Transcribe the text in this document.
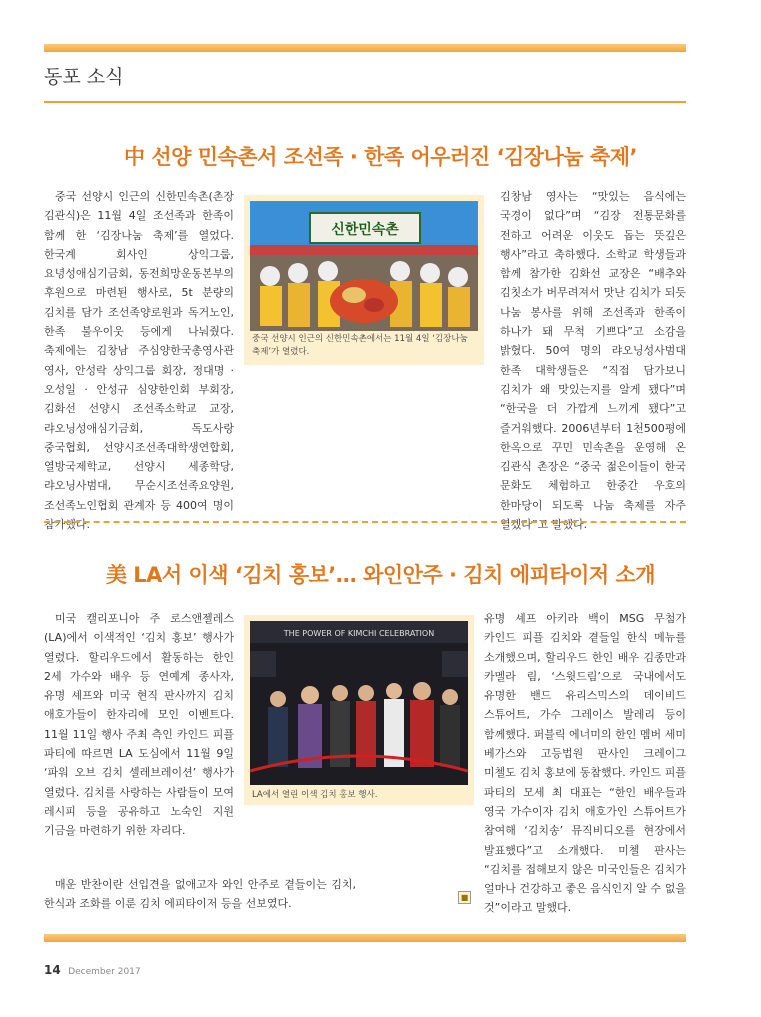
동포 소식
中 선양 민속촌서 조선족 · 한족 어우러진 ‘김장나눔 축제’

중국 선양시 인근의 신한민속촌(촌장 김관식)은 11월 4일 조선족과 한족이 함께 한 ‘김장나눔 축제’를 열었다. 한국계 회사인 상익그룹, 요녕성애심기금회, 동전희망운동본부의 후원으로 마련된 행사로, 5t 분량의 김치를 담가 조선족양로원과 독거노인, 한족 불우이웃 등에게 나눠줬다. 축제에는 김창남 주심양한국총영사관 영사, 안성락 상익그룹 회장, 정대명 · 오성일 · 안성규 심양한인회 부회장, 김화선 선양시 조선족소학교 교장, 랴오닝성애심기금회, 독도사랑 중국협회, 선양시조선족대학생연합회, 열방국제학교, 선양시 세종학당, 랴오닝사범대, 무순시조선족요양원, 조선족노인협회 관계자 등 400여 명이 참가했다.

신한민속촌
중국 선양시 인근의 신한민속촌에서는 11월 4일 ‘김장나눔 축제’가 열렸다.

김창남 영사는 “맛있는 음식에는 국경이 없다”며 “김장 전통문화를 전하고 어려운 이웃도 돕는 뜻깊은 행사”라고 축하했다. 소학교 학생들과 함께 참가한 김화선 교장은 “배추와 김칫소가 버무려져서 맛난 김치가 되듯 나눔 봉사를 위해 조선족과 한족이 하나가 돼 무척 기쁘다”고 소감을 밝혔다. 50여 명의 랴오닝성사범대 한족 대학생들은 “직접 담가보니 김치가 왜 맛있는지를 알게 됐다”며 “한국을 더 가깝게 느끼게 됐다”고 즐거워했다. 2006년부터 1천500평에 한옥으로 꾸민 민속촌을 운영해 온 김관식 촌장은 “중국 젊은이들이 한국 문화도 체험하고 한중간 우호의 한마당이 되도록 나눔 축제를 자주 열겠다”고 말했다.

美 LA서 이색 ‘김치 홍보’… 와인안주 · 김치 에피타이저 소개

미국 캘리포니아 주 로스앤젤레스(LA)에서 이색적인 ‘김치 홍보’ 행사가 열렸다. 할리우드에서 활동하는 한인 2세 가수와 배우 등 연예계 종사자, 유명 셰프와 미국 현직 판사까지 김치 애호가들이 한자리에 모인 이벤트다. 11월 11일 행사 주최 측인 카인드 피플 파티에 따르면 LA 도심에서 11월 9일 ‘파워 오브 김치 셀레브레이션’ 행사가 열렸다. 김치를 사랑하는 사람들이 모여 레시피 등을 공유하고 노숙인 지원 기금을 마련하기 위한 자리다.

매운 반찬이란 선입견을 없애고자 와인 안주로 곁들이는 김치, 한식과 조화를 이룬 김치 에피타이저 등을 선보였다.

THE POWER OF KIMCHI CELEBRATION
LA에서 열린 이색 김치 홍보 행사.

유명 셰프 아키라 백이 MSG 무첨가 카인드 피플 김치와 곁들일 한식 메뉴를 소개했으며, 할리우드 한인 배우 김종만과 카멜라 림, ‘스윗드림’으로 국내에서도 유명한 밴드 유리스믹스의 데이비드 스튜어트, 가수 그레이스 발레리 등이 함께했다. 퍼블릭 에너미의 한인 멤버 세미 베가스와 고등법원 판사인 크레이그 미첼도 김치 홍보에 동참했다. 카인드 피플 파티의 모세 최 대표는 “한인 배우들과 영국 가수이자 김치 애호가인 스튜어트가 참여해 ‘김치송’ 뮤직비디오를 현장에서 발표했다”고 소개했다. 미첼 판사는 “김치를 접해보지 않은 미국인들은 김치가 얼마나 건강하고 좋은 음식인지 알 수 없을 것”이라고 말했다.

■
14 December 2017
